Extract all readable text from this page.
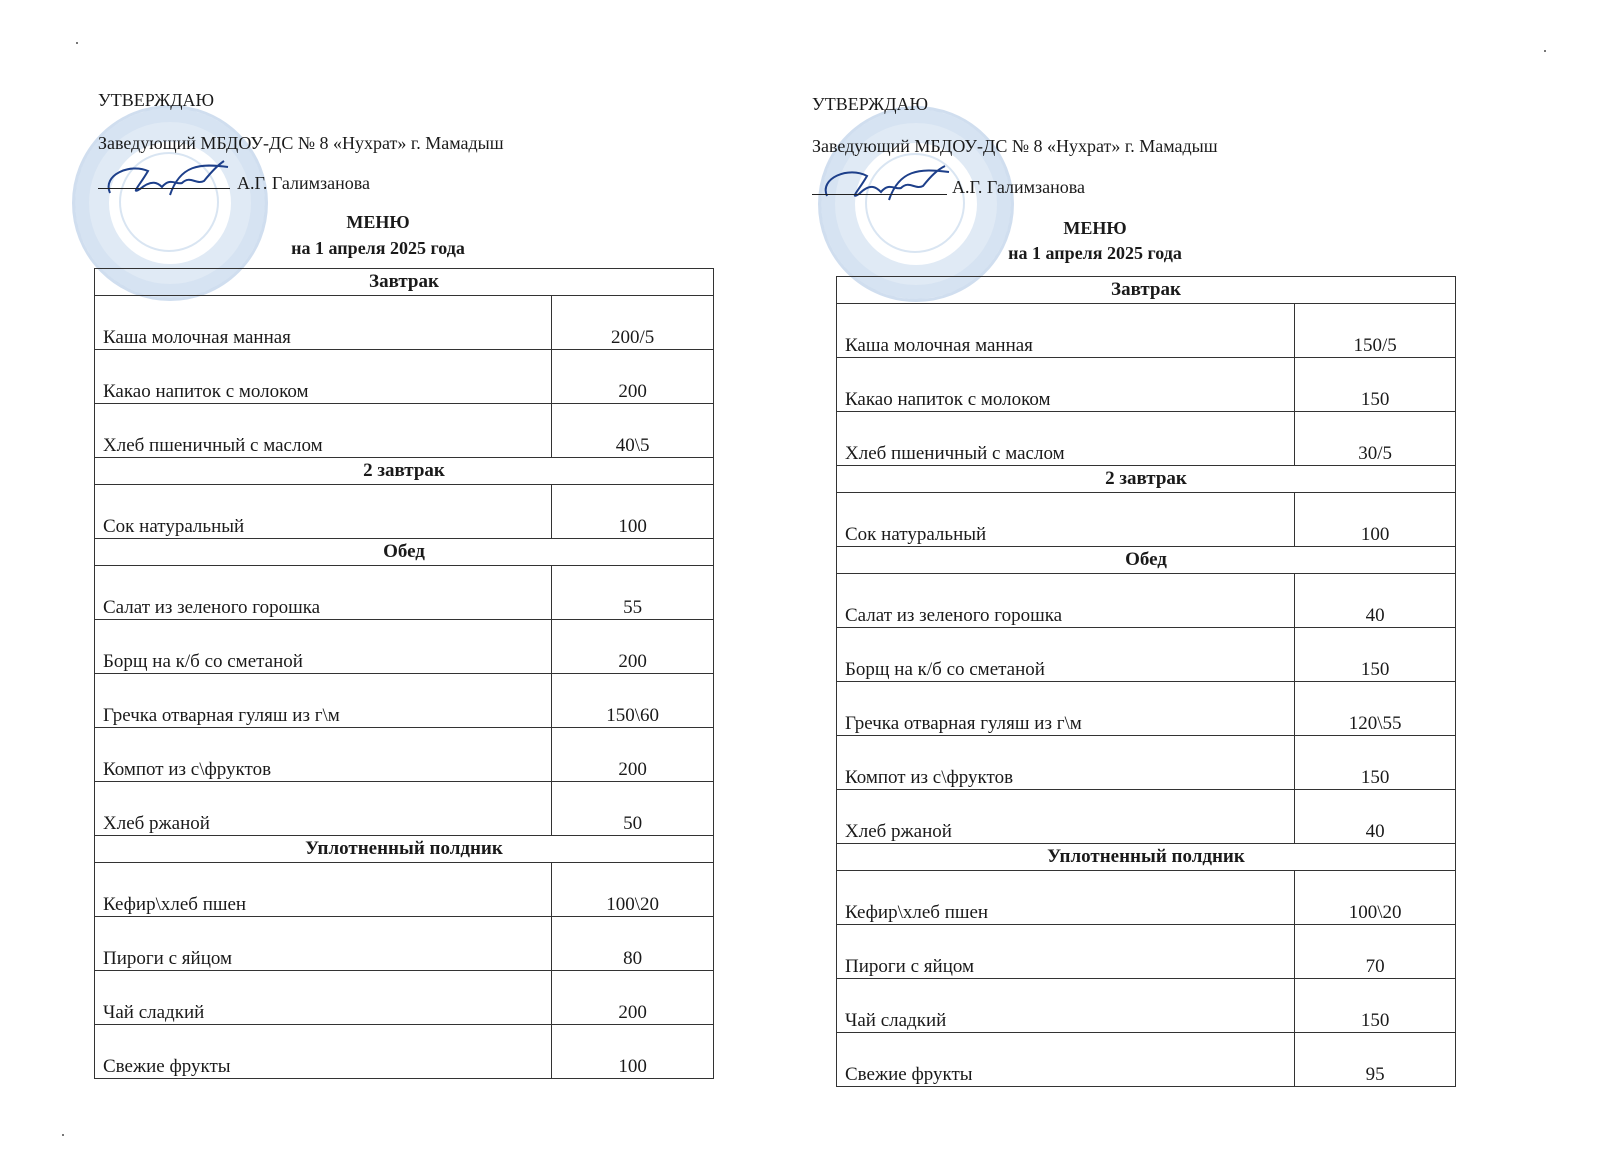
УТВЕРЖДАЮ
Заведующий МБДОУ-ДС № 8 «Нухрат» г. Мамадыш
А.Г. Галимзанова
МЕНЮ
на 1 апреля 2025 года
Завтрак	
Каша молочная манная	200/5
Какао напиток с молоком	200
Хлеб пшеничный с маслом	40\5
2 завтрак	
Сок натуральный	100
Обед	
Салат из зеленого горошка	55
Борщ на к/б со сметаной	200
Гречка отварная гуляш из г\м	150\60
Компот из с\фруктов	200
Хлеб ржаной	50
Уплотненный полдник	
Кефир\хлеб пшен	100\20
Пироги с яйцом	80
Чай сладкий	200
Свежие фрукты	100
УТВЕРЖДАЮ
Заведующий МБДОУ-ДС № 8 «Нухрат» г. Мамадыш
А.Г. Галимзанова
МЕНЮ
на 1 апреля 2025 года
Завтрак	
Каша молочная манная	150/5
Какао напиток с молоком	150
Хлеб пшеничный с маслом	30/5
2 завтрак	
Сок натуральный	100
Обед	
Салат из зеленого горошка	40
Борщ на к/б со сметаной	150
Гречка отварная гуляш из г\м	120\55
Компот из с\фруктов	150
Хлеб ржаной	40
Уплотненный полдник	
Кефир\хлеб пшен	100\20
Пироги с яйцом	70
Чай сладкий	150
Свежие фрукты	95
